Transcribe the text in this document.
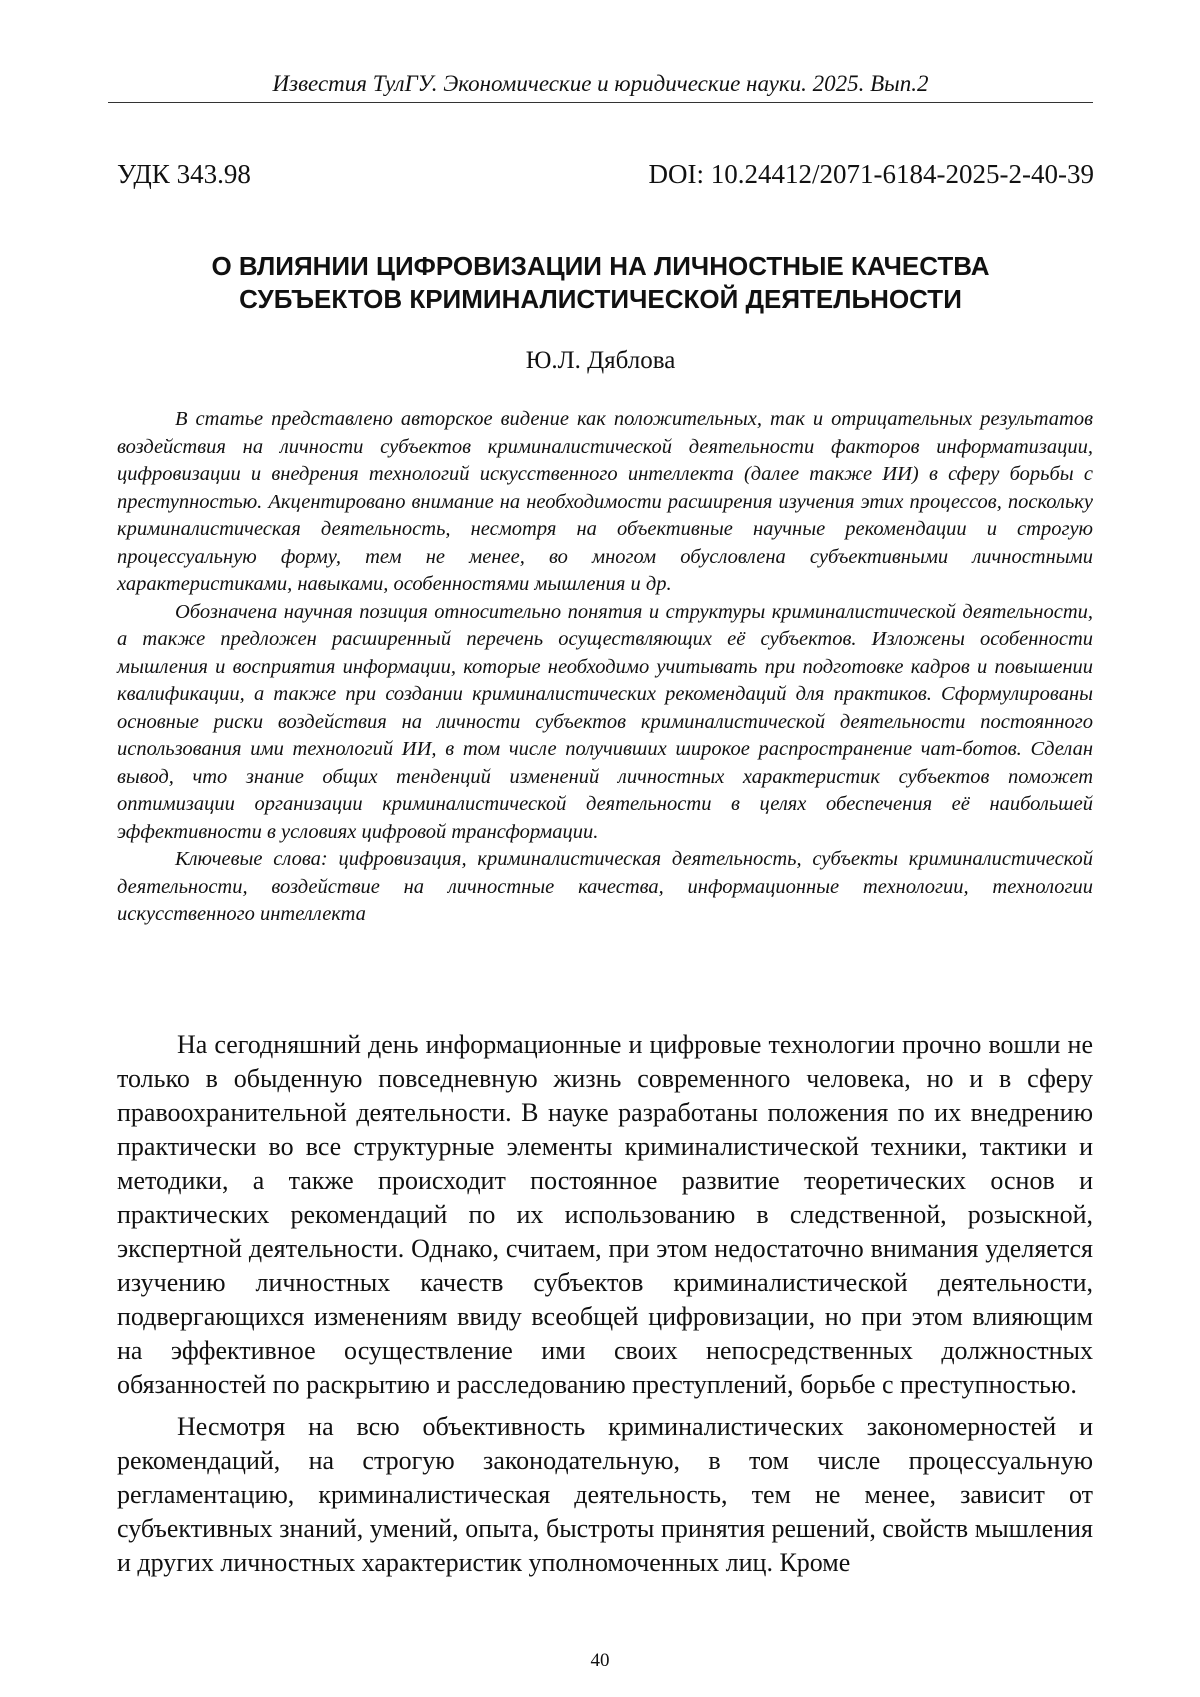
Известия ТулГУ. Экономические и юридические науки. 2025. Вып.2
УДК 343.98	DOI: 10.24412/2071-6184-2025-2-40-39
О ВЛИЯНИИ ЦИФРОВИЗАЦИИ НА ЛИЧНОСТНЫЕ КАЧЕСТВА
СУБЪЕКТОВ КРИМИНАЛИСТИЧЕСКОЙ ДЕЯТЕЛЬНОСТИ
Ю.Л. Дяблова

В статье представлено авторское видение как положительных, так и отрицательных результатов воздействия на личности субъектов криминалистической деятельности факторов информатизации, цифровизации и внедрения технологий искусственного интеллекта (далее также ИИ) в сферу борьбы с преступностью. Акцентировано внимание на необходимости расширения изучения этих процессов, поскольку криминалистическая деятельность, несмотря на объективные научные рекомендации и строгую процессуальную форму, тем не менее, во многом обусловлена субъективными личностными характеристиками, навыками, особенностями мышления и др.

Обозначена научная позиция относительно понятия и структуры криминалистической деятельности, а также предложен расширенный перечень осуществляющих её субъектов. Изложены особенности мышления и восприятия информации, которые необходимо учитывать при подготовке кадров и повышении квалификации, а также при создании криминалистических рекомендаций для практиков. Сформулированы основные риски воздействия на личности субъектов криминалистической деятельности постоянного использования ими технологий ИИ, в том числе получивших широкое распространение чат-ботов. Сделан вывод, что знание общих тенденций изменений личностных характеристик субъектов поможет оптимизации организации криминалистической деятельности в целях обеспечения её наибольшей эффективности в условиях цифровой трансформации.

Ключевые слова: цифровизация, криминалистическая деятельность, субъекты криминалистической деятельности, воздействие на личностные качества, информационные технологии, технологии искусственного интеллекта

На сегодняшний день информационные и цифровые технологии прочно вошли не только в обыденную повседневную жизнь современного человека, но и в сферу правоохранительной деятельности. В науке разработаны положения по их внедрению практически во все структурные элементы криминалистической техники, тактики и методики, а также происходит постоянное развитие теоретических основ и практических рекомендаций по их использованию в следственной, розыскной, экспертной деятельности. Однако, считаем, при этом недостаточно внимания уделяется изучению личностных качеств субъектов криминалистической деятельности, подвергающихся изменениям ввиду всеобщей цифровизации, но при этом влияющим на эффективное осуществление ими своих непосредственных должностных обязанностей по раскрытию и расследованию преступлений, борьбе с преступностью.

Несмотря на всю объективность криминалистических закономерностей и рекомендаций, на строгую законодательную, в том числе процессуальную регламентацию, криминалистическая деятельность, тем не менее, зависит от субъективных знаний, умений, опыта, быстроты принятия решений, свойств мышления и других личностных характеристик уполномоченных лиц. Кроме

40
